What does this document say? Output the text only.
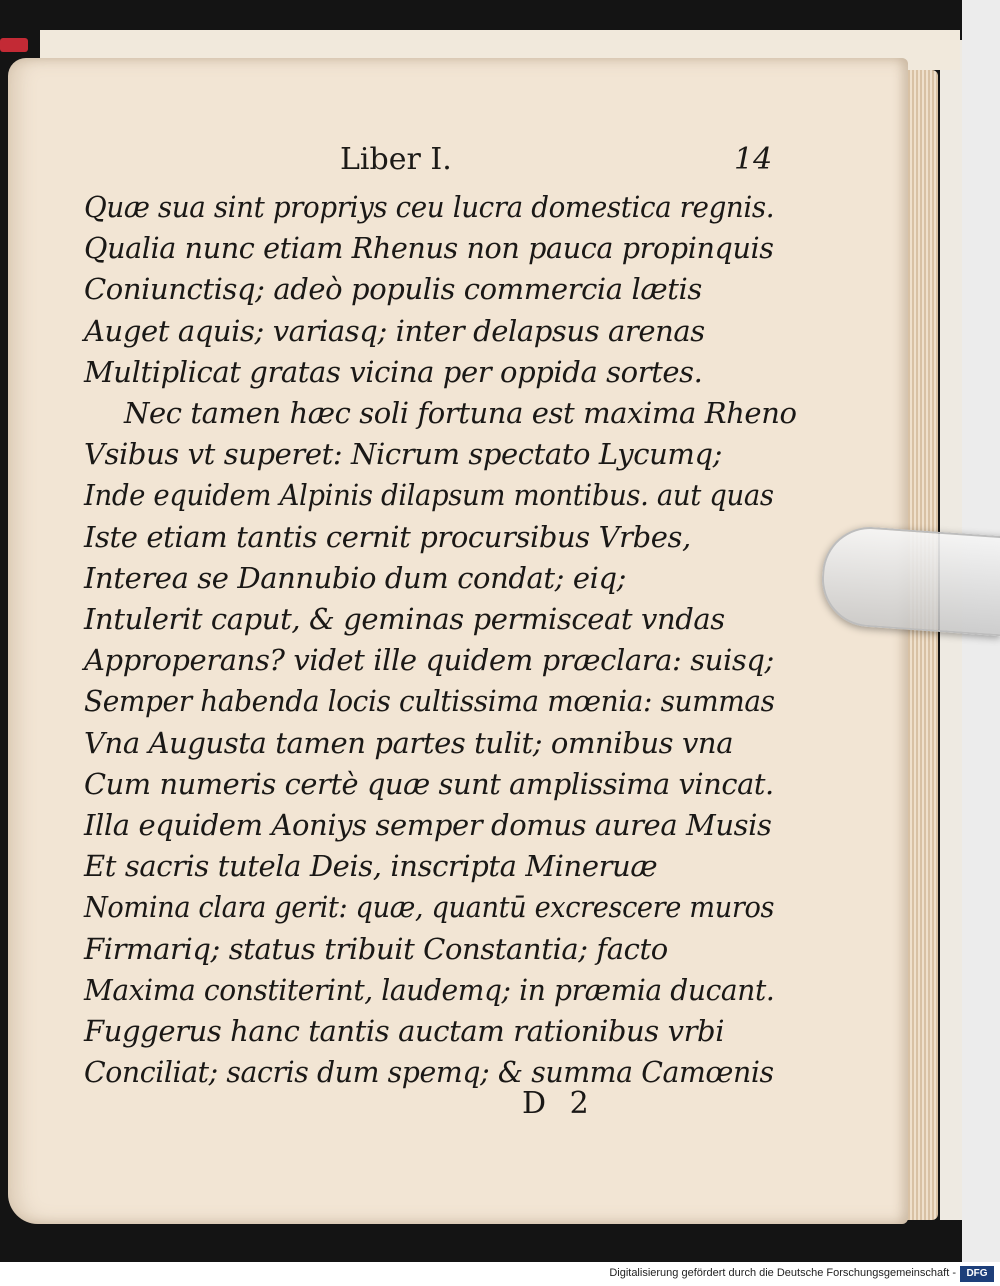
Liber I.	14
Quæ sua sint propriys ceu lucra domestica regnis.
Qualia nunc etiam Rhenus non pauca propinquis
Coniunctisq; adeò populis commercia lætis
Auget aquis; variasq; inter delapsus arenas
Multiplicat gratas vicina per oppida sortes.
Nec tamen hæc soli fortuna est maxima Rheno
Vsibus vt superet: Nicrum spectato Lycumq;
Inde equidem Alpinis dilapsum montibus. aut quas
Iste etiam tantis cernit procursibus Vrbes,
Interea se Dannubio dum condat; eiq;
Intulerit caput, & geminas permisceat vndas
Approperans? videt ille quidem præclara: suisq;
Semper habenda locis cultissima mœnia: summas
Vna Augusta tamen partes tulit; omnibus vna
Cum numeris certè quæ sunt amplissima vincat.
Illa equidem Aoniys semper domus aurea Musis
Et sacris tutela Deis, inscripta Mineruæ
Nomina clara gerit: quæ, quantū excrescere muros
Firmariq; status tribuit Constantia; facto
Maxima constiterint, laudemq; in præmia ducant.
Fuggerus hanc tantis auctam rationibus vrbi
Conciliat; sacris dum spemq; & summa Camœnis
D 2
Digitalisierung gefördert durch die Deutsche Forschungsgemeinschaft -	DFG
